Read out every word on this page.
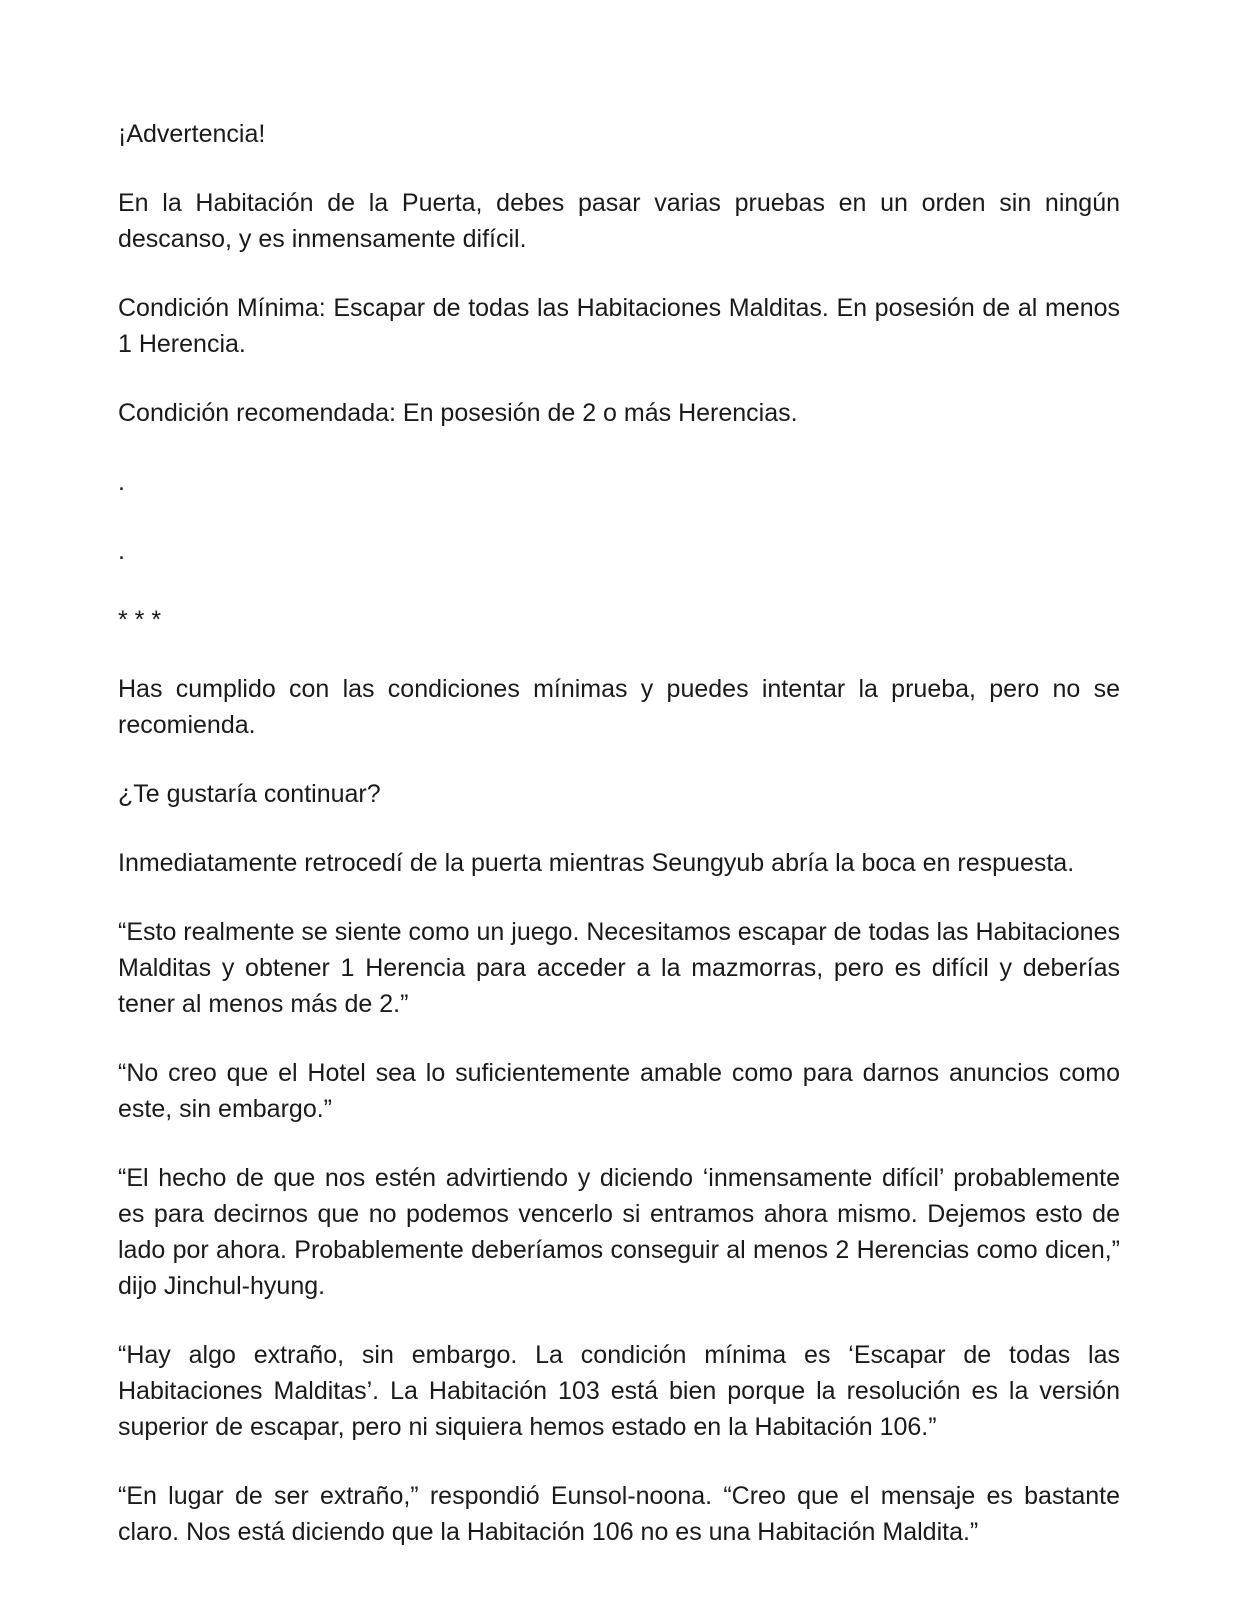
¡Advertencia!

En la Habitación de la Puerta, debes pasar varias pruebas en un orden sin ningún descanso, y es inmensamente difícil.

Condición Mínima: Escapar de todas las Habitaciones Malditas. En posesión de al menos 1 Herencia.

Condición recomendada: En posesión de 2 o más Herencias.

.

.

* * *

Has cumplido con las condiciones mínimas y puedes intentar la prueba, pero no se recomienda.

¿Te gustaría continuar?

Inmediatamente retrocedí de la puerta mientras Seungyub abría la boca en respuesta.

“Esto realmente se siente como un juego. Necesitamos escapar de todas las Habitaciones Malditas y obtener 1 Herencia para acceder a la mazmorras, pero es difícil y deberías tener al menos más de 2.”

“No creo que el Hotel sea lo suficientemente amable como para darnos anuncios como este, sin embargo.”

“El hecho de que nos estén advirtiendo y diciendo ‘inmensamente difícil’ probablemente es para decirnos que no podemos vencerlo si entramos ahora mismo. Dejemos esto de lado por ahora. Probablemente deberíamos conseguir al menos 2 Herencias como dicen,” dijo Jinchul-hyung.

“Hay algo extraño, sin embargo. La condición mínima es ‘Escapar de todas las Habitaciones Malditas’. La Habitación 103 está bien porque la resolución es la versión superior de escapar, pero ni siquiera hemos estado en la Habitación 106.”

“En lugar de ser extraño,” respondió Eunsol-noona. “Creo que el mensaje es bastante claro. Nos está diciendo que la Habitación 106 no es una Habitación Maldita.”
